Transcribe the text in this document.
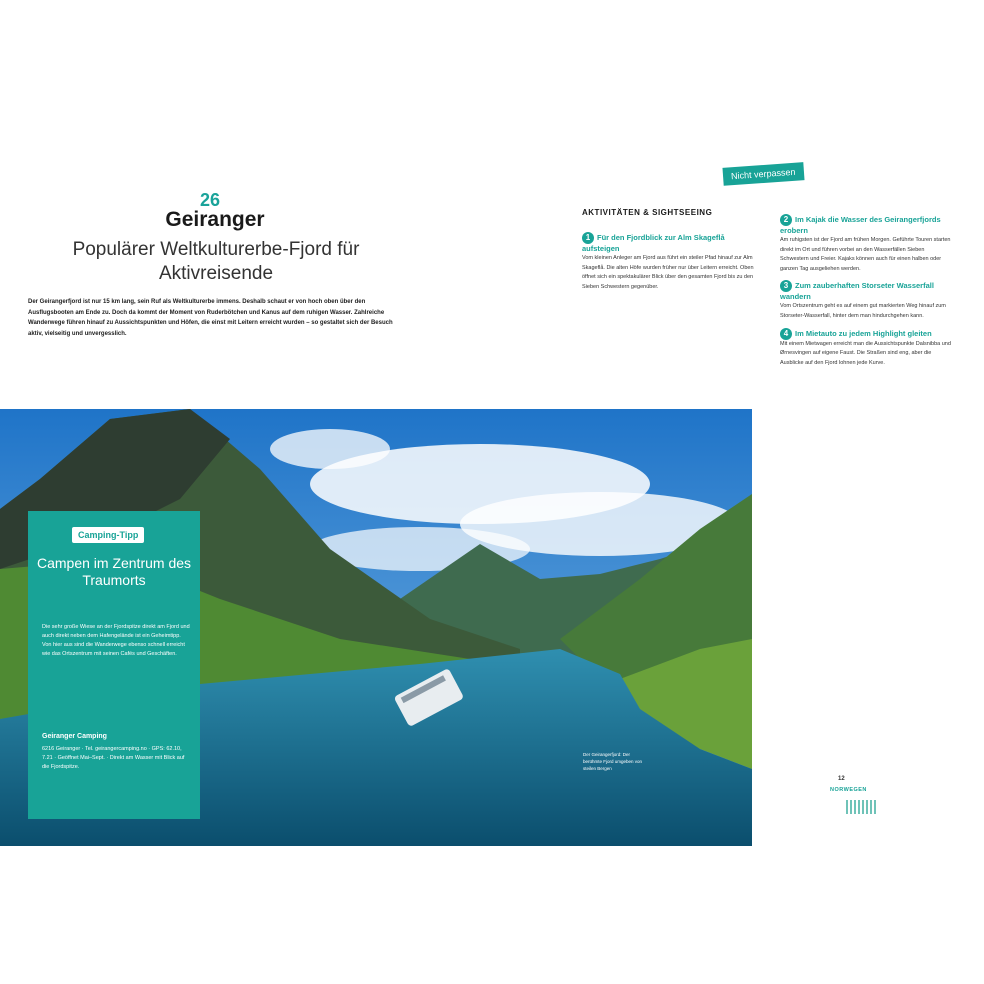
26
Geiranger
Populärer Weltkulturerbe-Fjord für Aktivreisende
Der Geirangerfjord ist nur 15 km lang, sein Ruf als Weltkulturerbe immens. Deshalb schaut er von hoch oben über den Ausflugsbooten am Ende zu. Doch da kommt der Moment von Ruderbötchen und Kanus auf dem ruhigen Wasser. Zahlreiche Wanderwege führen hinauf zu Aussichtspunkten und Höfen, die einst mit Leitern erreicht wurden – so gestaltet sich der Besuch aktiv, vielseitig und unvergesslich.
Camping-Tipp
Campen im Zentrum des Traumorts
Die sehr große Wiese an der Fjordspitze direkt am Fjord und auch direkt neben dem Hafengelände ist ein Geheimtipp. Von hier aus sind die Wanderwege ebenso schnell erreicht wie das Ortszentrum mit seinen Cafés und Geschäften.
Geiranger Camping
6216 Geiranger · Tel. geirangercamping.no · GPS: 62.10, 7.21 · Geöffnet Mai–Sept. · Direkt am Wasser mit Blick auf die Fjordspitze.
Der Geirangerfjord: Der berühmte Fjord umgeben von steilen Bergen
Nicht verpassen
AKTIVITÄTEN & SIGHTSEEING
1 Für den Fjordblick zur Alm Skageflå aufsteigen
Vom kleinen Anleger am Fjord aus führt ein steiler Pfad hinauf zur Alm Skageflå. Die alten Höfe wurden früher nur über Leitern erreicht. Oben öffnet sich ein spektakulärer Blick über den gesamten Fjord bis zu den Sieben Schwestern gegenüber.
2 Im Kajak die Wasser des Geirangerfjords erobern
Am ruhigsten ist der Fjord am frühen Morgen. Geführte Touren starten direkt im Ort und führen vorbei an den Wasserfällen Sieben Schwestern und Freier. Kajaks können auch für einen halben oder ganzen Tag ausgeliehen werden.
3 Zum zauberhaften Storseter Wasserfall wandern
Vom Ortszentrum geht es auf einem gut markierten Weg hinauf zum Storseter-Wasserfall, hinter dem man hindurchgehen kann.
4 Im Mietauto zu jedem Highlight gleiten
Mit einem Mietwagen erreicht man die Aussichtspunkte Dalsnibba und Ørnesvingen auf eigene Faust. Die Straßen sind eng, aber die Ausblicke auf den Fjord lohnen jede Kurve.
12
NORWEGEN
